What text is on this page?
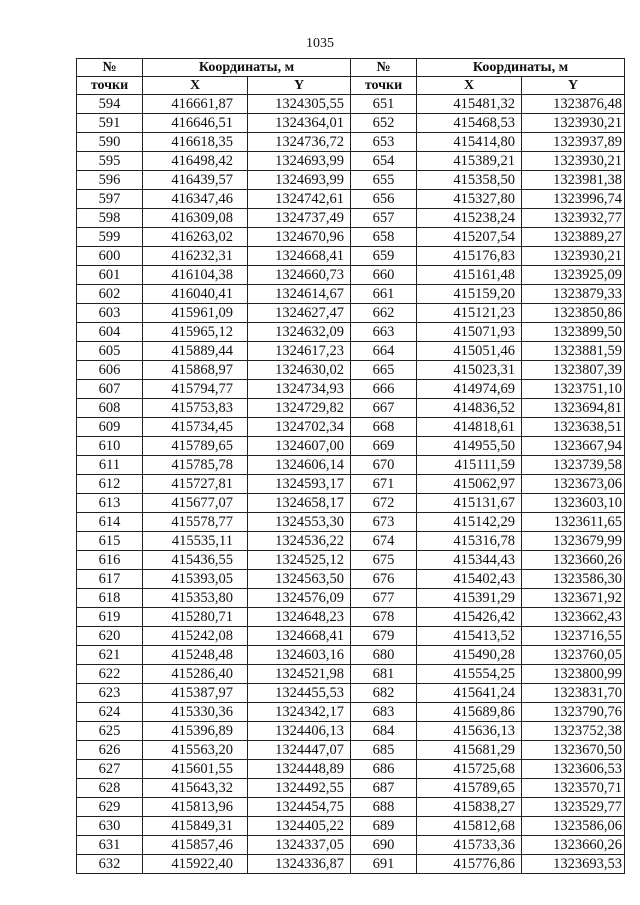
1035
№	Координаты, м		№	Координаты, м	
точки	X	Y	точки	X	Y
594	416661,87	1324305,55	651	415481,32	1323876,48
591	416646,51	1324364,01	652	415468,53	1323930,21
590	416618,35	1324736,72	653	415414,80	1323937,89
595	416498,42	1324693,99	654	415389,21	1323930,21
596	416439,57	1324693,99	655	415358,50	1323981,38
597	416347,46	1324742,61	656	415327,80	1323996,74
598	416309,08	1324737,49	657	415238,24	1323932,77
599	416263,02	1324670,96	658	415207,54	1323889,27
600	416232,31	1324668,41	659	415176,83	1323930,21
601	416104,38	1324660,73	660	415161,48	1323925,09
602	416040,41	1324614,67	661	415159,20	1323879,33
603	415961,09	1324627,47	662	415121,23	1323850,86
604	415965,12	1324632,09	663	415071,93	1323899,50
605	415889,44	1324617,23	664	415051,46	1323881,59
606	415868,97	1324630,02	665	415023,31	1323807,39
607	415794,77	1324734,93	666	414974,69	1323751,10
608	415753,83	1324729,82	667	414836,52	1323694,81
609	415734,45	1324702,34	668	414818,61	1323638,51
610	415789,65	1324607,00	669	414955,50	1323667,94
611	415785,78	1324606,14	670	415111,59	1323739,58
612	415727,81	1324593,17	671	415062,97	1323673,06
613	415677,07	1324658,17	672	415131,67	1323603,10
614	415578,77	1324553,30	673	415142,29	1323611,65
615	415535,11	1324536,22	674	415316,78	1323679,99
616	415436,55	1324525,12	675	415344,43	1323660,26
617	415393,05	1324563,50	676	415402,43	1323586,30
618	415353,80	1324576,09	677	415391,29	1323671,92
619	415280,71	1324648,23	678	415426,42	1323662,43
620	415242,08	1324668,41	679	415413,52	1323716,55
621	415248,48	1324603,16	680	415490,28	1323760,05
622	415286,40	1324521,98	681	415554,25	1323800,99
623	415387,97	1324455,53	682	415641,24	1323831,70
624	415330,36	1324342,17	683	415689,86	1323790,76
625	415396,89	1324406,13	684	415636,13	1323752,38
626	415563,20	1324447,07	685	415681,29	1323670,50
627	415601,55	1324448,89	686	415725,68	1323606,53
628	415643,32	1324492,55	687	415789,65	1323570,71
629	415813,96	1324454,75	688	415838,27	1323529,77
630	415849,31	1324405,22	689	415812,68	1323586,06
631	415857,46	1324337,05	690	415733,36	1323660,26
632	415922,40	1324336,87	691	415776,86	1323693,53
